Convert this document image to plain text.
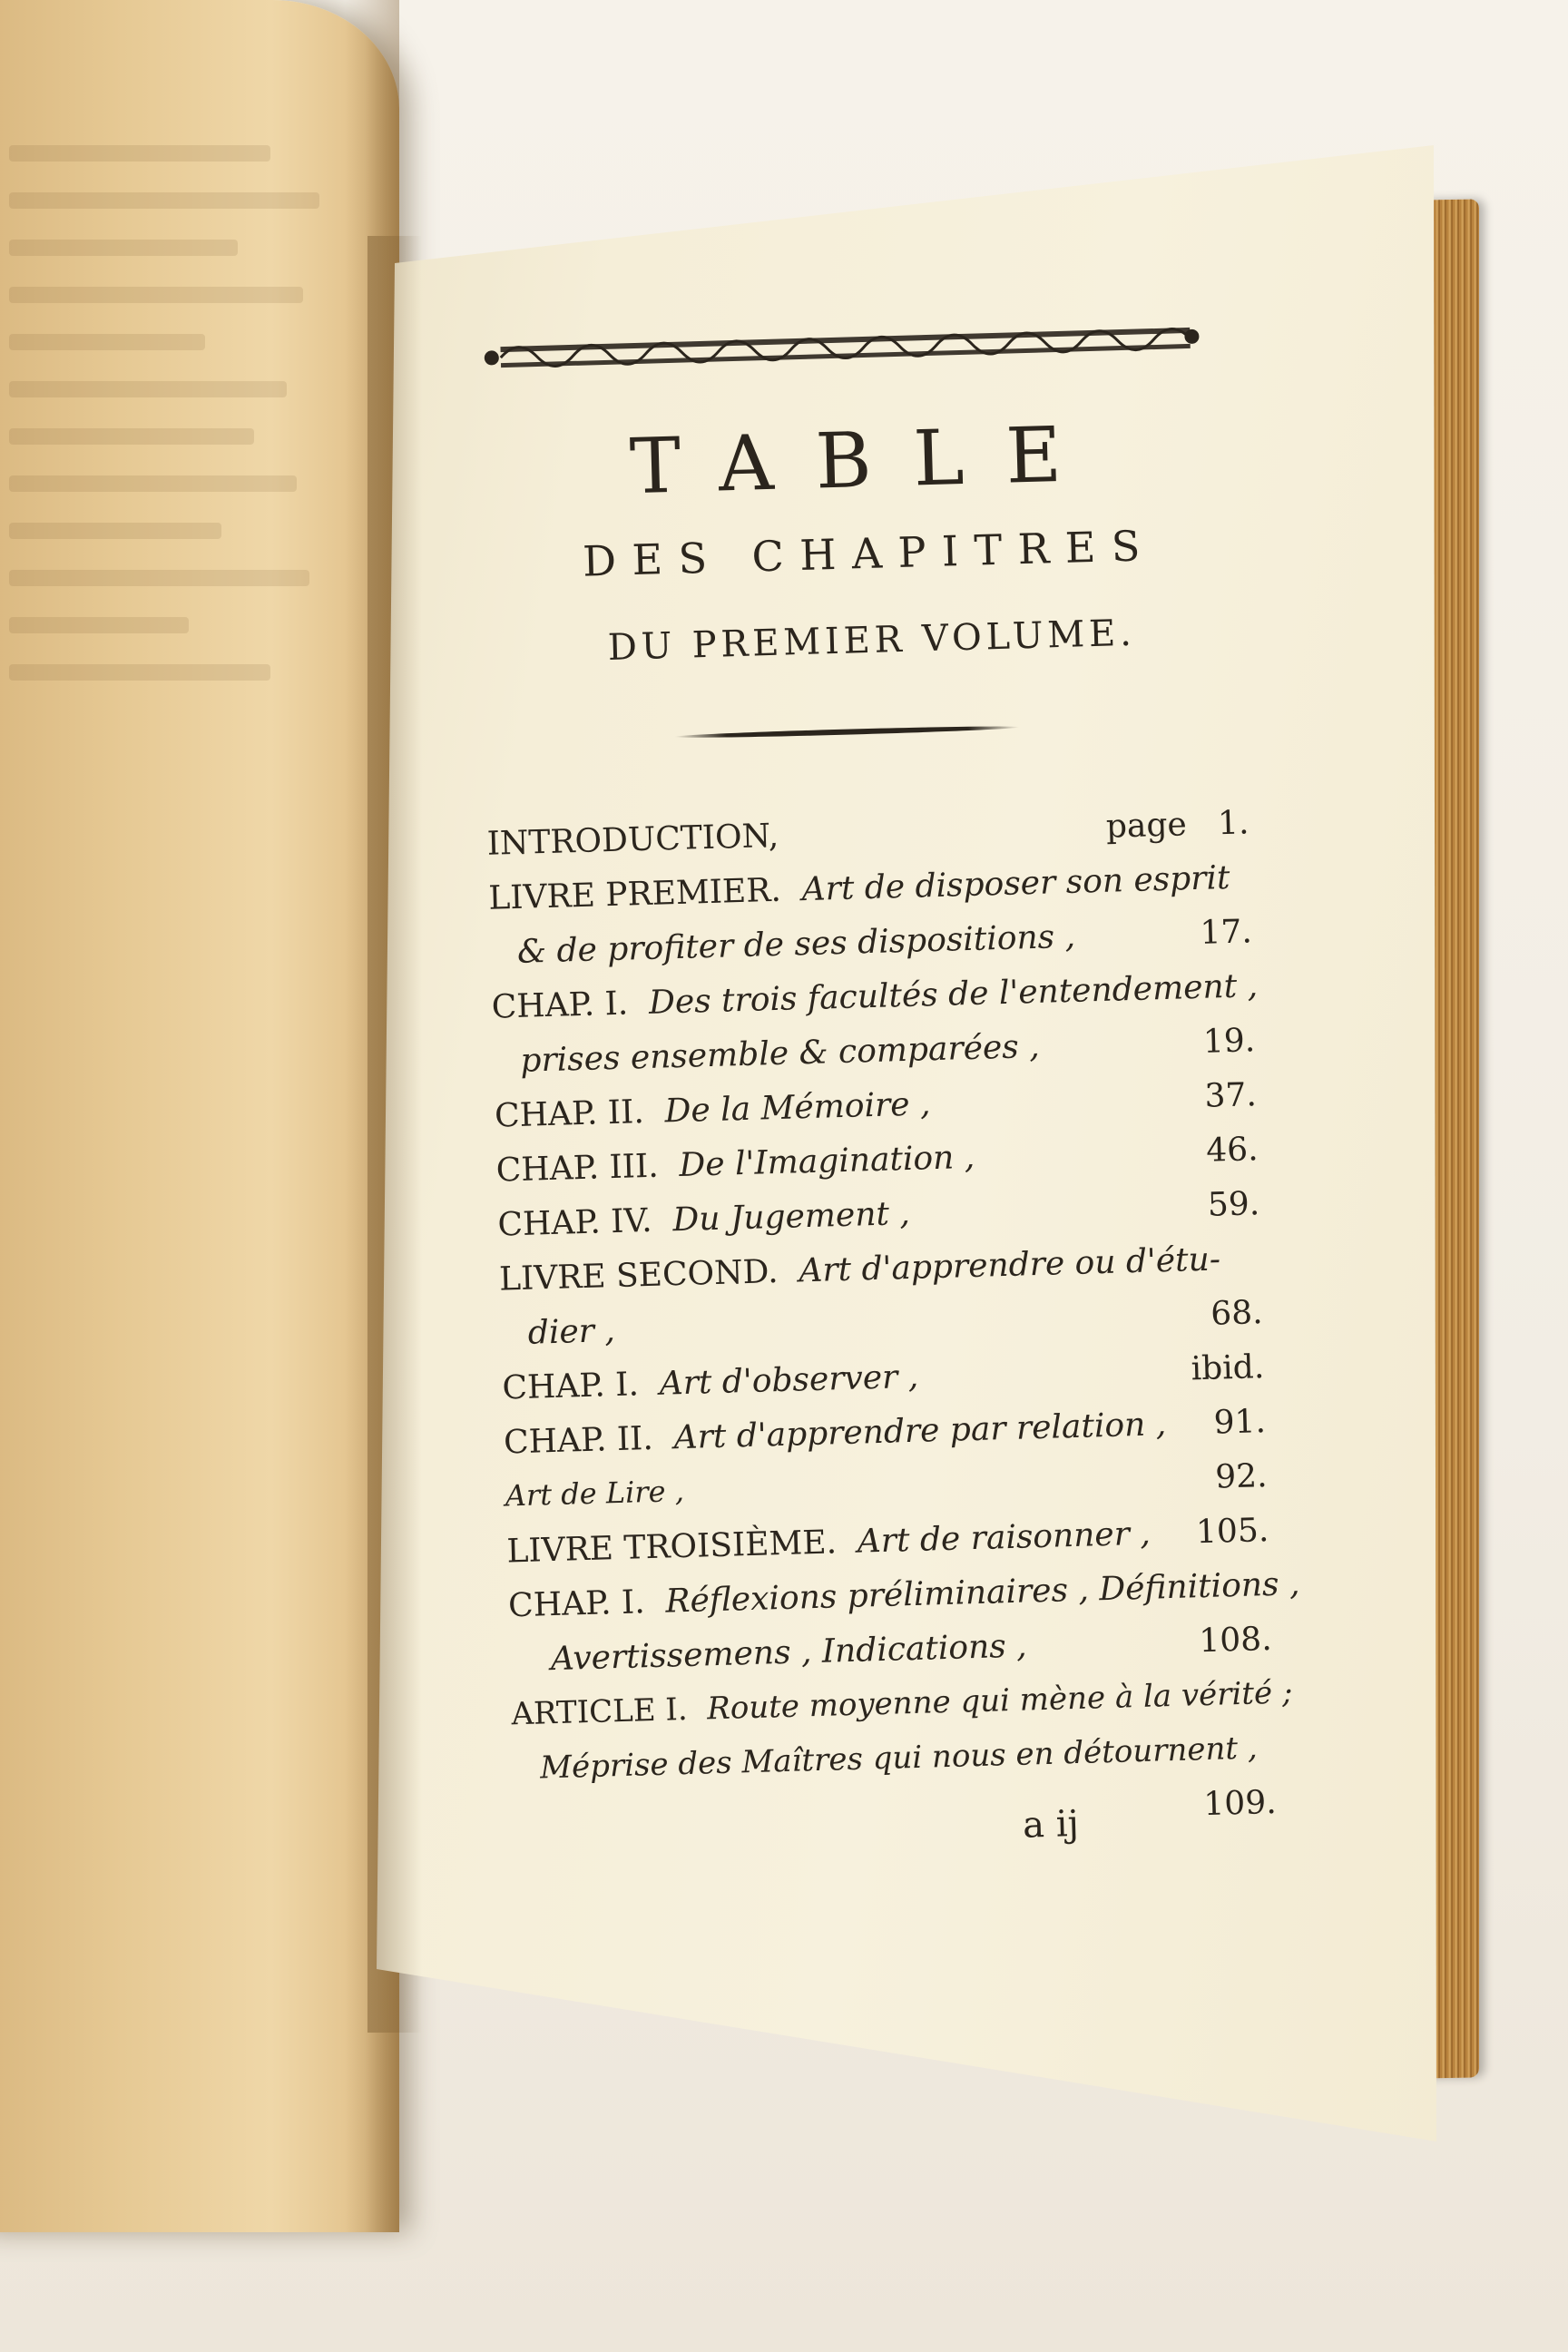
TABLE
DES CHAPITRES
DU PREMIER VOLUME.
INTRODUCTION,	page 1.
LIVRE PREMIER. Art de disposer son esprit
& de profiter de ses dispositions ,	17.
CHAP. I. Des trois facultés de l'entendement ,
prises ensemble & comparées ,	19.
CHAP. II. De la Mémoire ,	37.
CHAP. III. De l'Imagination ,	46.
CHAP. IV. Du Jugement ,	59.
LIVRE SECOND. Art d'apprendre ou d'étu-
dier ,	68.
CHAP. I. Art d'observer ,	ibid.
CHAP. II. Art d'apprendre par relation , 91.
Art de Lire ,	92.
LIVRE TROISIÈME. Art de raisonner , 105.
CHAP. I. Réflexions préliminaires , Définitions ,
Avertissemens , Indications ,	108.
ARTICLE I. Route moyenne qui mène à la vérité ;
Méprise des Maîtres qui nous en détournent ,
109.
a ij
